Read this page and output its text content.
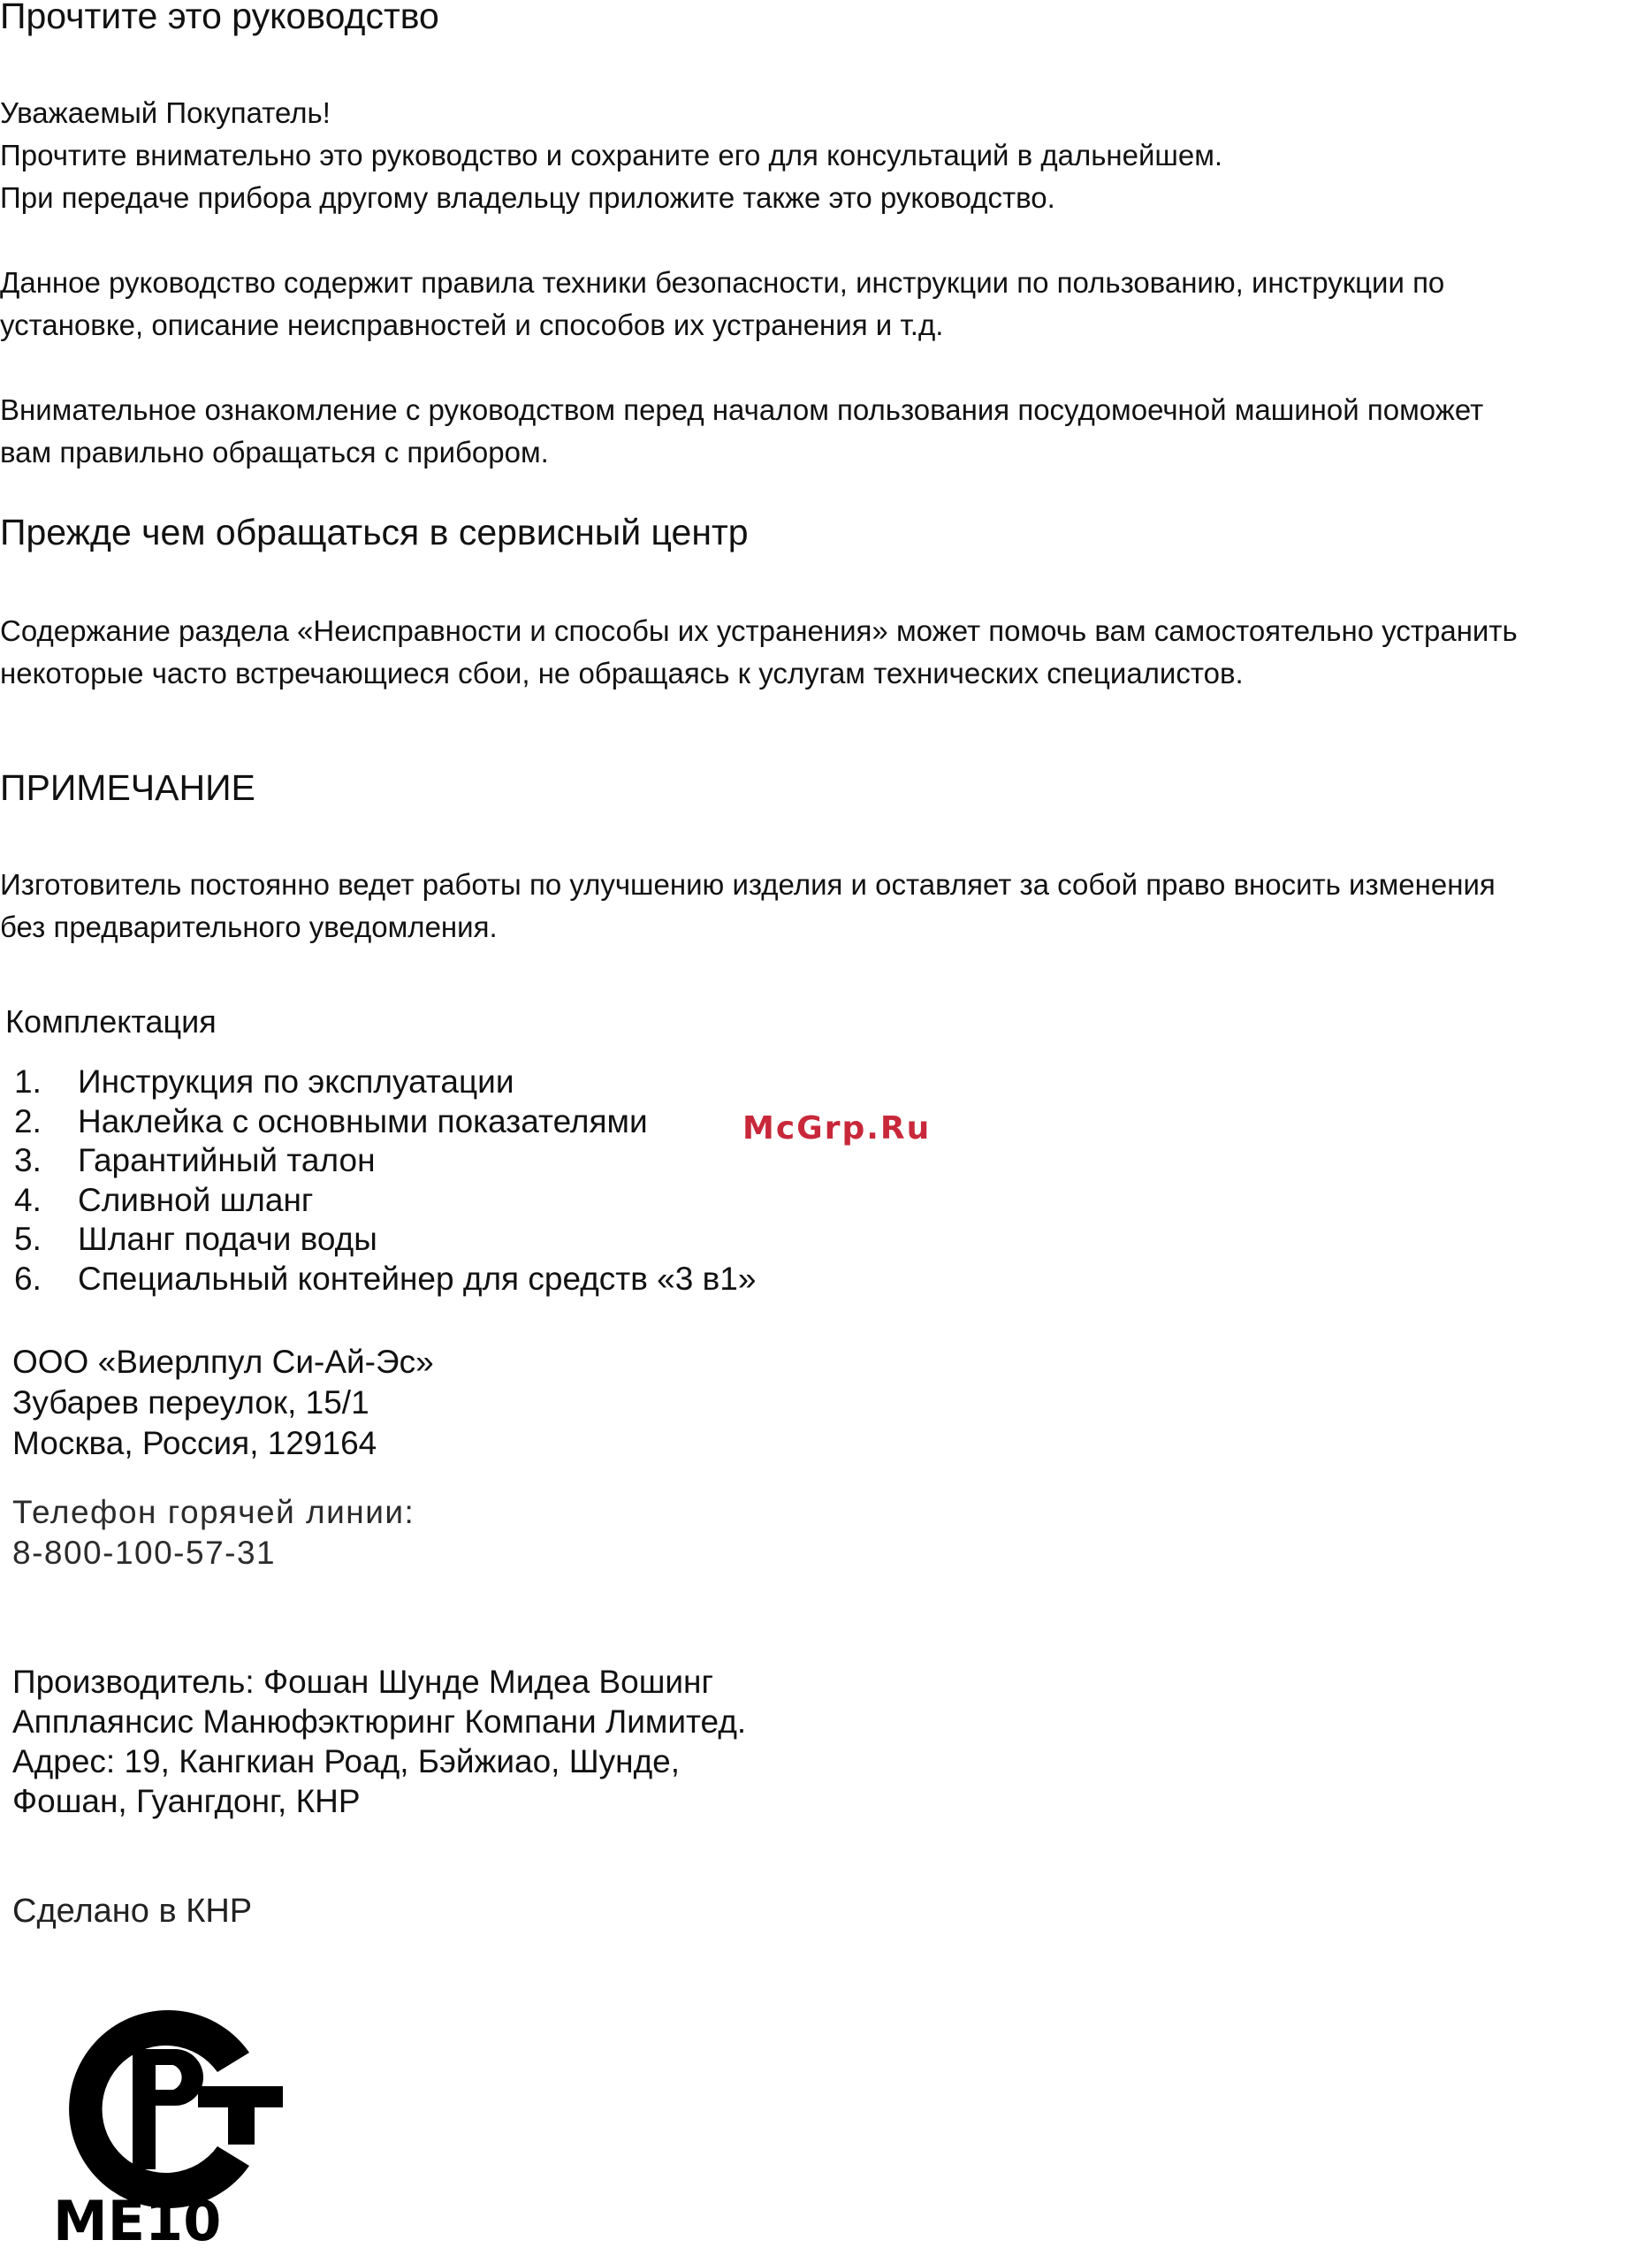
Прочтите это руководство
Уважаемый Покупатель!
Прочтите внимательно это руководство и сохраните его для консультаций в дальнейшем.
При передаче прибора другому владельцу приложите также это руководство.
Данное руководство содержит правила техники безопасности, инструкции по пользованию, инструкции по
установке, описание неисправностей и способов их устранения и т.д.
Внимательное ознакомление с руководством перед началом пользования посудомоечной машиной поможет
вам правильно обращаться с прибором.
Прежде чем обращаться в сервисный центр
Содержание раздела «Неисправности и способы их устранения» может помочь вам самостоятельно устранить
некоторые часто встречающиеся сбои, не обращаясь к услугам технических специалистов.
ПРИМЕЧАНИЕ
Изготовитель постоянно ведет работы по улучшению изделия и оставляет за собой право вносить изменения
без предварительного уведомления.
Комплектация
1. Инструкция по эксплуатации
2. Наклейка с основными показателями
3. Гарантийный талон
4. Сливной шланг
5. Шланг подачи воды
6. Специальный контейнер для средств «3 в1»
McGrp.Ru
ООО «Виерлпул Си-Ай-Эс»
Зубарев переулок, 15/1
Москва, Россия, 129164
Телефон горячей линии:
8-800-100-57-31
Производитель: Фошан Шунде Мидеа Вошинг
Апплаянсис Манюфэктюринг Компани Лимитед.
Адрес: 19, Кангкиан Роад, Бэйжиао, Шунде,
Фошан, Гуангдонг, КНР
Сделано в КНР
ME10
